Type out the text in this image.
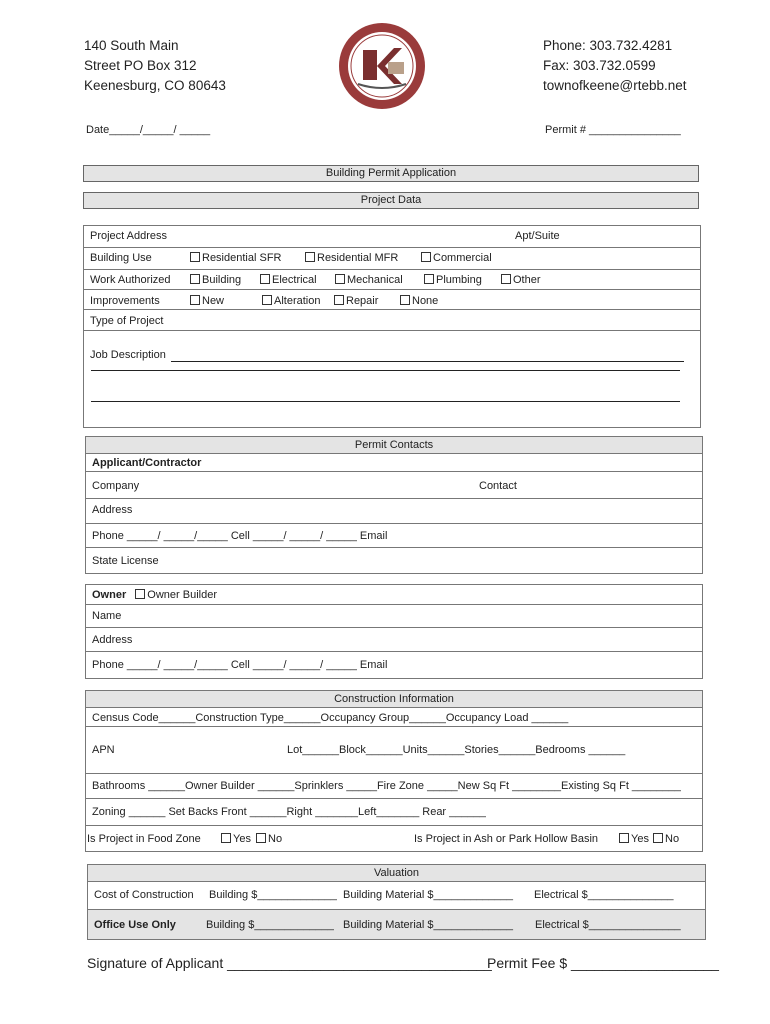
140 South Main
Street PO Box 312
Keenesburg, CO 80643
Phone: 303.732.4281
Fax: 303.732.0599
townofkeene@rtebb.net
Date_____/_____/ _____	Permit # _______________
Building Permit Application
Project Data
Project Address	Apt/Suite
Building Use	Residential SFR	Residential MFR	Commercial
Work Authorized	Building	Electrical	Mechanical	Plumbing	Other
Improvements	New	Alteration	Repair	None
Type of Project
Job Description
Permit Contacts
Applicant/Contractor
Company	Contact
Address
Phone _____/ _____/_____ Cell _____/ _____/ _____ Email
State License
Owner Owner Builder
Name
Address
Phone _____/ _____/_____ Cell _____/ _____/ _____ Email
Construction Information
Census Code______Construction Type______Occupancy Group______Occupancy Load ______
APN	Lot______Block______Units______Stories______Bedrooms ______
Bathrooms ______Owner Builder ______Sprinklers _____Fire Zone _____New Sq Ft ________Existing Sq Ft ________
Zoning ______ Set Backs Front ______Right _______Left_______ Rear ______
Is Project in Food Zone	Yes	No	Is Project in Ash or Park Hollow Basin	Yes	No
Valuation
Cost of Construction Building $_____________ Building Material $_____________ Electrical $______________
Office Use Only	Building $_____________ Building Material $_____________ Electrical $_______________
Signature of Applicant __________________________________
Permit Fee $ ___________________
